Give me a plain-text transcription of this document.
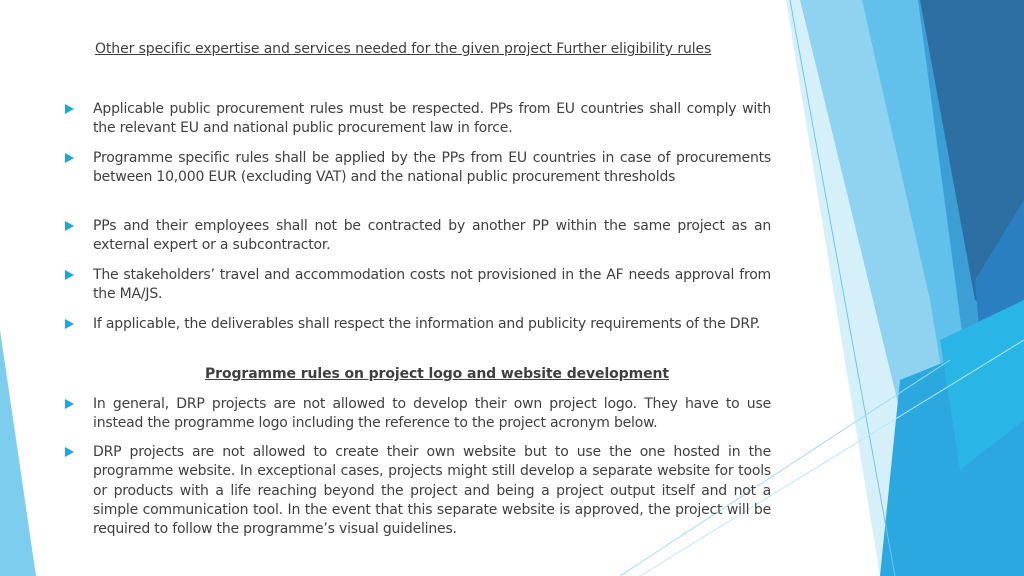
Other specific expertise and services needed for the given project Further eligibility rules
Applicable public procurement rules must be respected. PPs from EU countries shall comply with the relevant EU and national public procurement law in force.
Programme specific rules shall be applied by the PPs from EU countries in case of procurements between 10,000 EUR (excluding VAT) and the national public procurement thresholds
PPs and their employees shall not be contracted by another PP within the same project as an external expert or a subcontractor.
The stakeholders’ travel and accommodation costs not provisioned in the AF needs approval from the MA/JS.
If applicable, the deliverables shall respect the information and publicity requirements of the DRP.
Programme rules on project logo and website development
In general, DRP projects are not allowed to develop their own project logo. They have to use instead the programme logo including the reference to the project acronym below.
DRP projects are not allowed to create their own website but to use the one hosted in the programme website. In exceptional cases, projects might still develop a separate website for tools or products with a life reaching beyond the project and being a project output itself and not a simple communication tool. In the event that this separate website is approved, the project will be required to follow the programme’s visual guidelines.
